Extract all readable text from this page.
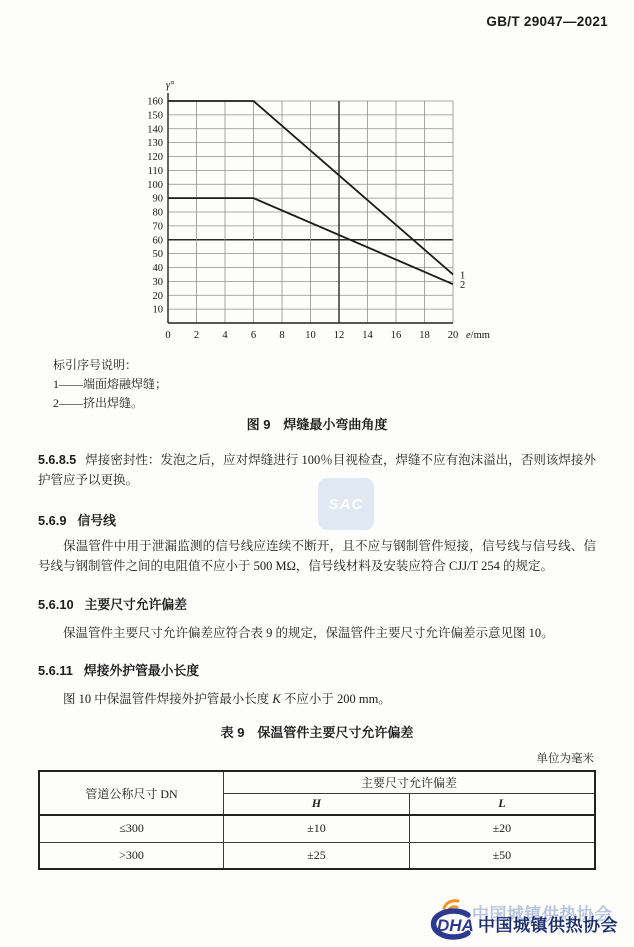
SAC
GB/T 29047—2021
10
20
30
40
50
60
70
80
90
100
110
120
130
140
150
160
0 2 4 6 8 10 12 14 16 18 20
γ°
e/mm
1
2
标引序号说明：
1——端面熔融焊缝；
2——挤出焊缝。
图 9　焊缝最小弯曲角度

5.6.8.5 焊接密封性：发泡之后，应对焊缝进行 100％目视检查，焊缝不应有泡沫溢出，否则该焊接外护管应予以更换。

5.6.9 信号线

保温管件中用于泄漏监测的信号线应连续不断开，且不应与钢制管件短接，信号线与信号线、信号线与钢制管件之间的电阻值不应小于 500 MΩ，信号线材料及安装应符合 CJJ/T 254 的规定。

5.6.10 主要尺寸允许偏差

保温管件主要尺寸允许偏差应符合表 9 的规定，保温管件主要尺寸允许偏差示意见图 10。

5.6.11 焊接外护管最小长度

图 10 中保温管件焊接外护管最小长度 K 不应小于 200 mm。

表 9　保温管件主要尺寸允许偏差
单位为毫米
管道公称尺寸 DN	主要尺寸允许偏差	
	H	L
≤300	±10	±20
>300	±25	±50
DHA 中国城镇供热协会
